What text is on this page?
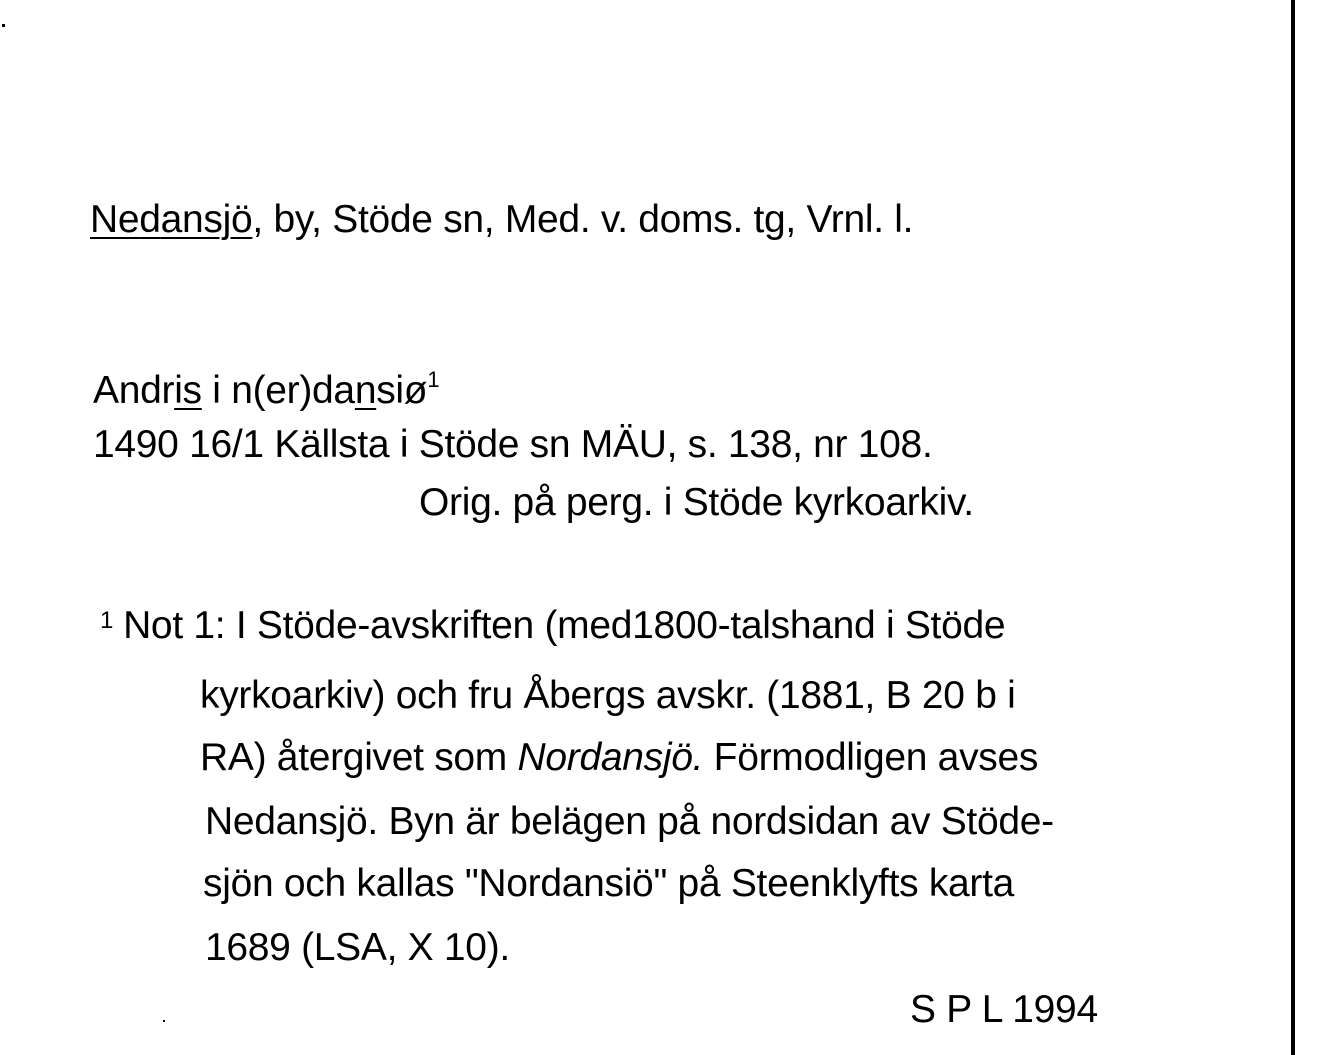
Nedansjö, by, Stöde sn, Med. v. doms. tg, Vrnl. l.
Andris i n(er)dansiø$^1$
1490 16/1 Källsta i Stöde sn MÄU, s. 138, nr 108.
Orig. på perg. i Stöde kyrkoarkiv.
$^1$ Not 1: I Stöde-avskriften (med1800-talshand i Stöde
kyrkoarkiv) och fru Åbergs avskr. (1881, B 20 b i
RA) återgivet som Nordansjö. Förmodligen avses
Nedansjö. Byn är belägen på nordsidan av Stöde-
sjön och kallas "Nordansiö" på Steenklyfts karta
1689 (LSA, X 10).
S P L 1994
